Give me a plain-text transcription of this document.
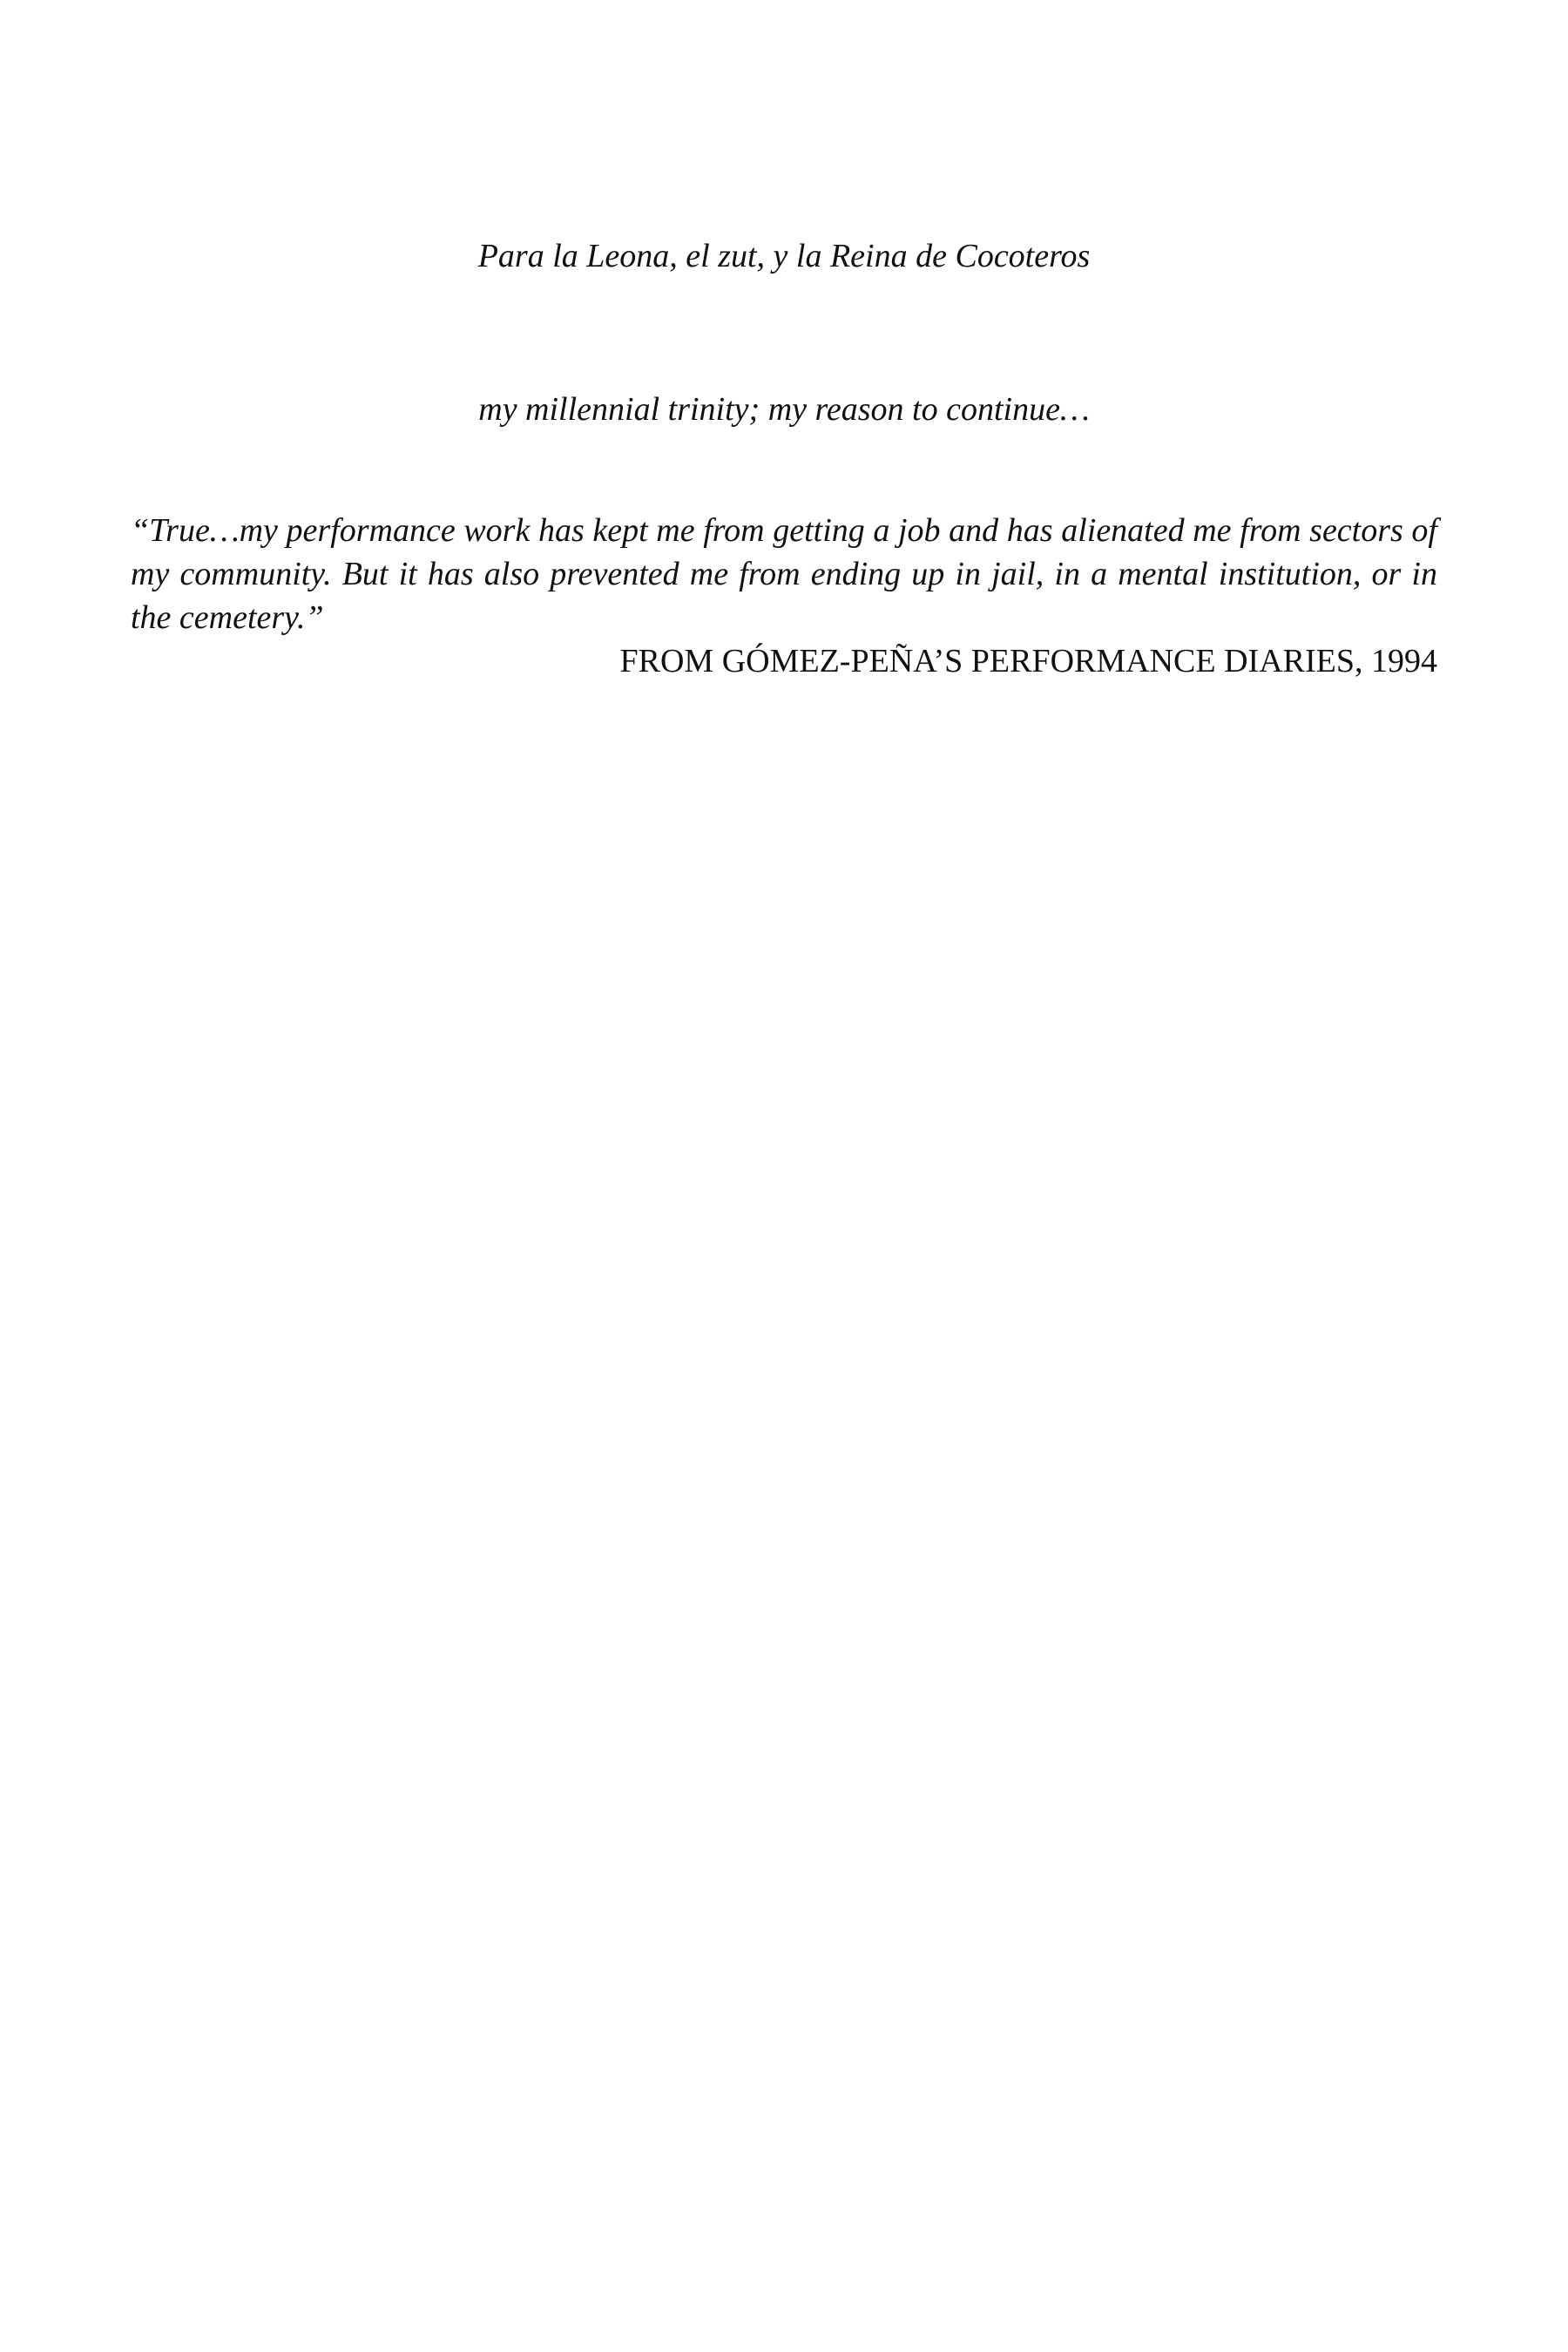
Para la Leona, el zut, y la Reina de Cocoteros
my millennial trinity; my reason to continue…

“True…my performance work has kept me from getting a job and has alienated me from sectors of my community. But it has also prevented me from ending up in jail, in a mental institution, or in the cemetery.”

FROM GÓMEZ-PEÑA’S PERFORMANCE DIARIES, 1994
